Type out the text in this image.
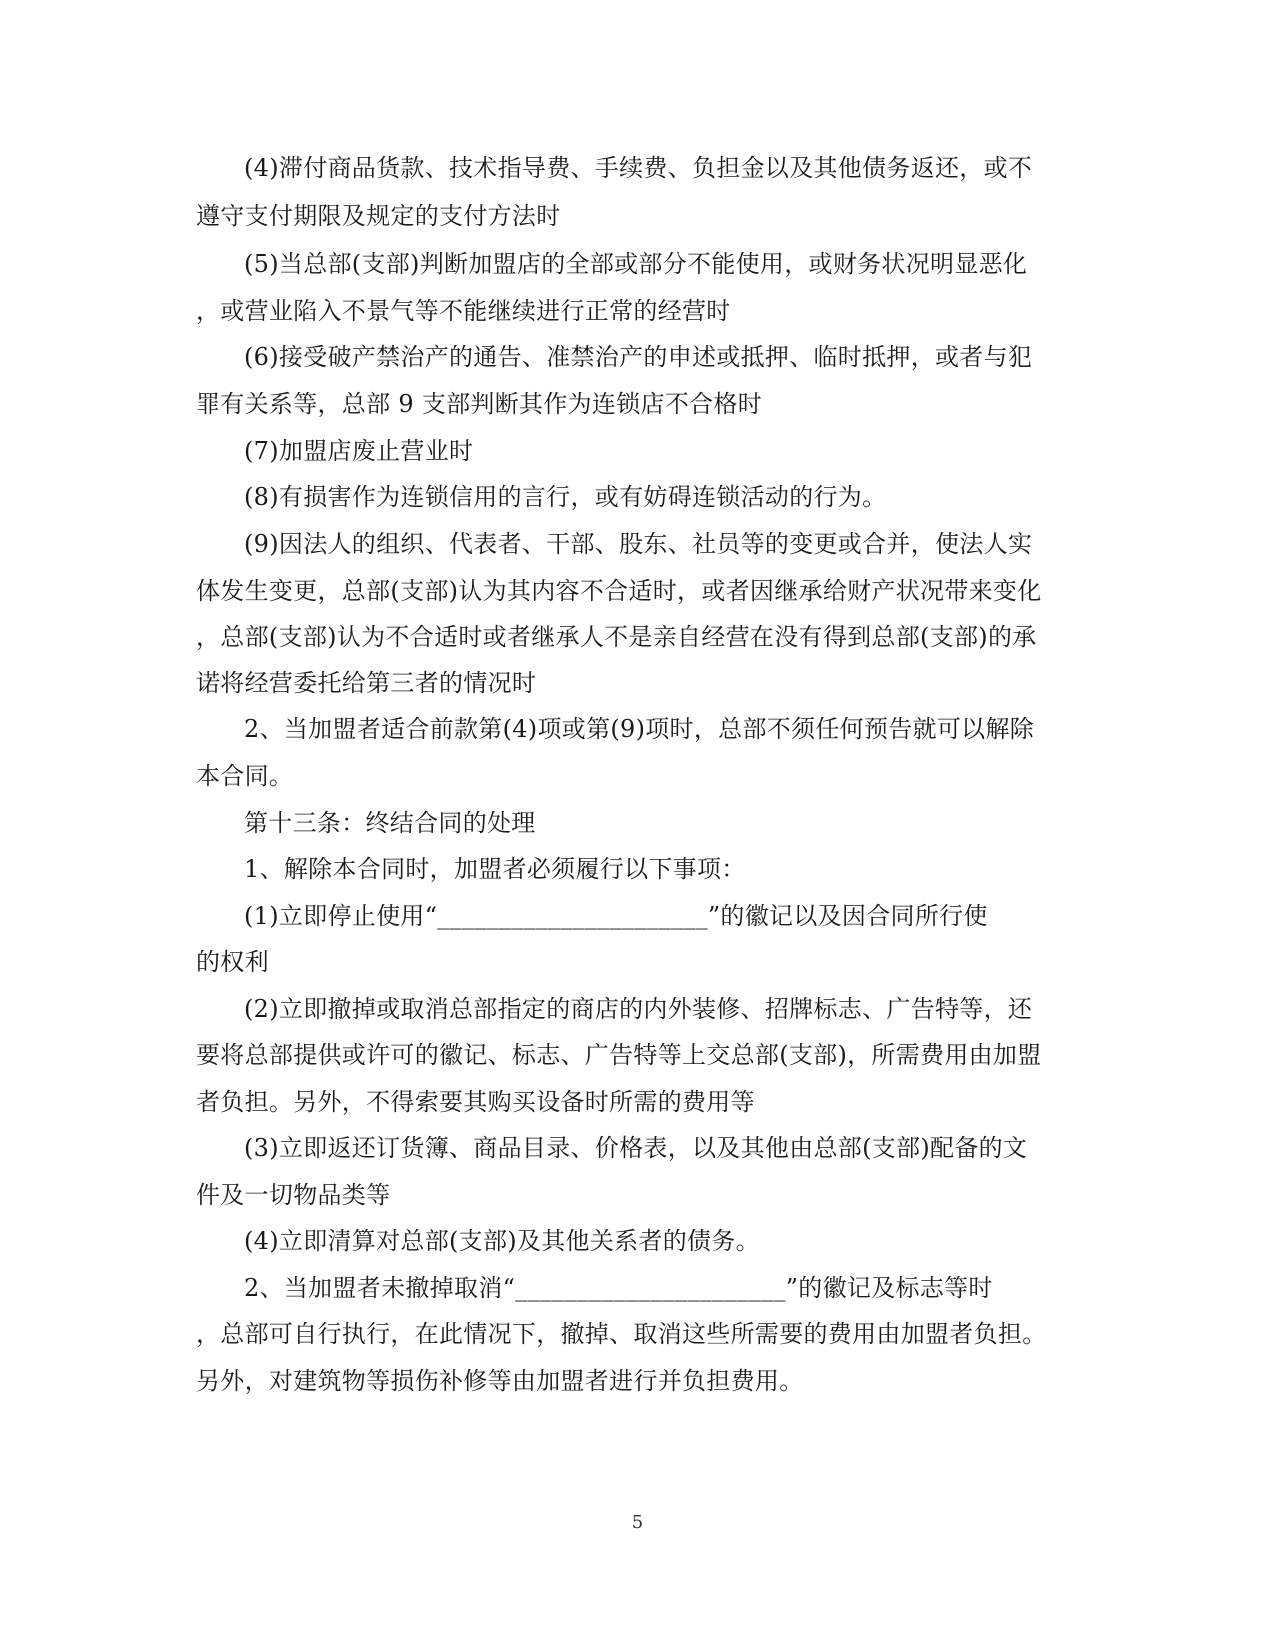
(4)滞付商品货款、技术指导费、手续费、负担金以及其他债务返还，或不
遵守支付期限及规定的支付方法时
(5)当总部(支部)判断加盟店的全部或部分不能使用，或财务状况明显恶化
，或营业陷入不景气等不能继续进行正常的经营时
(6)接受破产禁治产的通告、准禁治产的申述或抵押、临时抵押，或者与犯
罪有关系等，总部 9 支部判断其作为连锁店不合格时
(7)加盟店废止营业时
(8)有损害作为连锁信用的言行，或有妨碍连锁活动的行为。
(9)因法人的组织、代表者、干部、股东、社员等的变更或合并，使法人实
体发生变更，总部(支部)认为其内容不合适时，或者因继承给财产状况带来变化
，总部(支部)认为不合适时或者继承人不是亲自经营在没有得到总部(支部)的承
诺将经营委托给第三者的情况时
2、当加盟者适合前款第(4)项或第(9)项时，总部不须任何预告就可以解除
本合同。
第十三条：终结合同的处理
1、解除本合同时，加盟者必须履行以下事项：
(1)立即停止使用“______________________”的徽记以及因合同所行使
的权利
(2)立即撤掉或取消总部指定的商店的内外装修、招牌标志、广告特等，还
要将总部提供或许可的徽记、标志、广告特等上交总部(支部)，所需费用由加盟
者负担。另外，不得索要其购买设备时所需的费用等
(3)立即返还订货簿、商品目录、价格表，以及其他由总部(支部)配备的文
件及一切物品类等
(4)立即清算对总部(支部)及其他关系者的债务。
2、当加盟者未撤掉取消“______________________”的徽记及标志等时
，总部可自行执行，在此情况下，撤掉、取消这些所需要的费用由加盟者负担。
另外，对建筑物等损伤补修等由加盟者进行并负担费用。
5
